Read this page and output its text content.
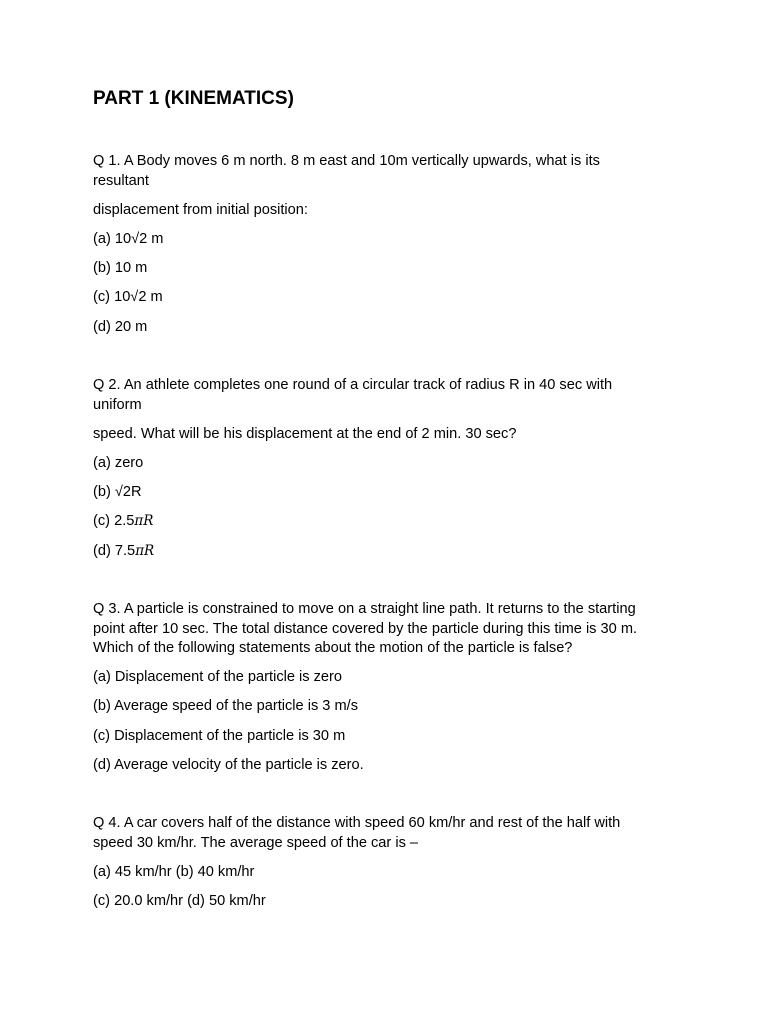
PART 1 (KINEMATICS)
Q 1. A Body moves 6 m north. 8 m east and 10m vertically upwards, what is its
resultant
displacement from initial position:
(a) 10√2 m
(b) 10 m
(c) 10√2 m
(d) 20 m
Q 2. An athlete completes one round of a circular track of radius R in 40 sec with
uniform
speed. What will be his displacement at the end of 2 min. 30 sec?
(a) zero
(b) √2R
(c) 2.5πR
(d) 7.5πR
Q 3. A particle is constrained to move on a straight line path. It returns to the starting
point after 10 sec. The total distance covered by the particle during this time is 30 m.
Which of the following statements about the motion of the particle is false?
(a) Displacement of the particle is zero
(b) Average speed of the particle is 3 m/s
(c) Displacement of the particle is 30 m
(d) Average velocity of the particle is zero.
Q 4. A car covers half of the distance with speed 60 km/hr and rest of the half with
speed 30 km/hr. The average speed of the car is –
(a) 45 km/hr (b) 40 km/hr
(c) 20.0 km/hr (d) 50 km/hr
